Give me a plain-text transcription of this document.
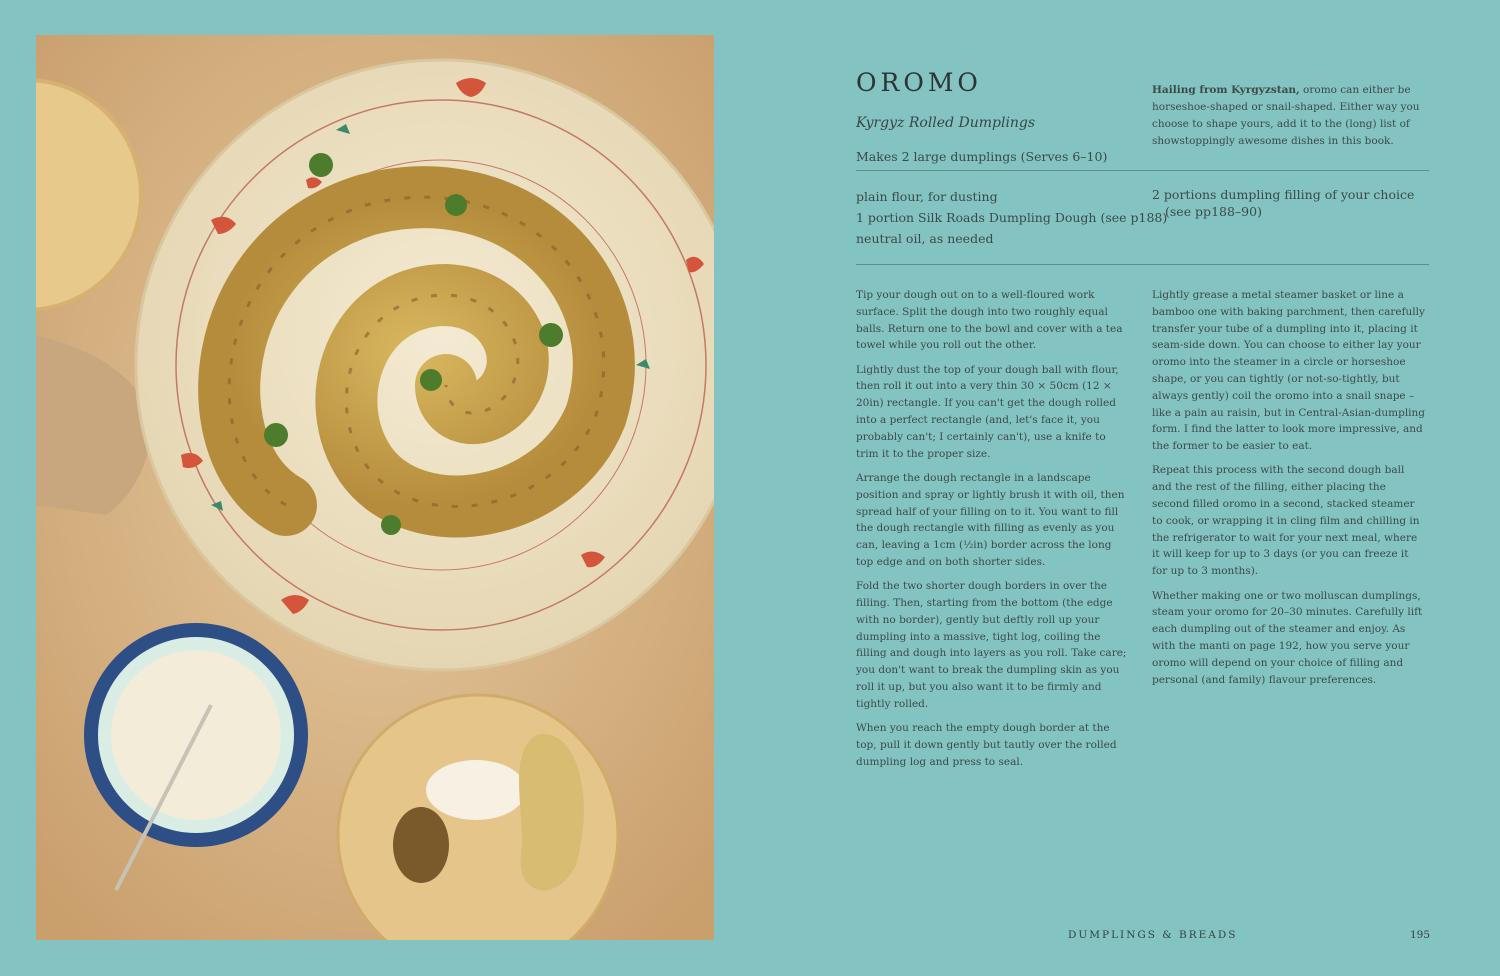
OROMO
Kyrgyz Rolled Dumplings
Makes 2 large dumplings (Serves 6–10)
Hailing from Kyrgyzstan, oromo can either be horseshoe-shaped or snail-shaped. Either way you choose to shape yours, add it to the (long) list of showstoppingly awesome dishes in this book.
plain flour, for dusting
1 portion Silk Roads Dumpling Dough (see p188)
neutral oil, as needed
2 portions dumpling filling of your choice
(see pp188–90)

Tip your dough out on to a well-floured work surface. Split the dough into two roughly equal balls. Return one to the bowl and cover with a tea towel while you roll out the other.

Lightly dust the top of your dough ball with flour, then roll it out into a very thin 30 × 50cm (12 × 20in) rectangle. If you can't get the dough rolled into a perfect rectangle (and, let's face it, you probably can't; I certainly can't), use a knife to trim it to the proper size.

Arrange the dough rectangle in a landscape position and spray or lightly brush it with oil, then spread half of your filling on to it. You want to fill the dough rectangle with filling as evenly as you can, leaving a 1cm (½in) border across the long top edge and on both shorter sides.

Fold the two shorter dough borders in over the filling. Then, starting from the bottom (the edge with no border), gently but deftly roll up your dumpling into a massive, tight log, coiling the filling and dough into layers as you roll. Take care; you don't want to break the dumpling skin as you roll it up, but you also want it to be firmly and tightly rolled.

When you reach the empty dough border at the top, pull it down gently but tautly over the rolled dumpling log and press to seal.

Lightly grease a metal steamer basket or line a bamboo one with baking parchment, then carefully transfer your tube of a dumpling into it, placing it seam-side down. You can choose to either lay your oromo into the steamer in a circle or horseshoe shape, or you can tightly (or not-so-tightly, but always gently) coil the oromo into a snail snape – like a pain au raisin, but in Central-Asian-dumpling form. I find the latter to look more impressive, and the former to be easier to eat.

Repeat this process with the second dough ball and the rest of the filling, either placing the second filled oromo in a second, stacked steamer to cook, or wrapping it in cling film and chilling in the refrigerator to wait for your next meal, where it will keep for up to 3 days (or you can freeze it for up to 3 months).

Whether making one or two molluscan dumplings, steam your oromo for 20–30 minutes. Carefully lift each dumpling out of the steamer and enjoy. As with the manti on page 192, how you serve your oromo will depend on your choice of filling and personal (and family) flavour preferences.

DUMPLINGS & BREADS	195
